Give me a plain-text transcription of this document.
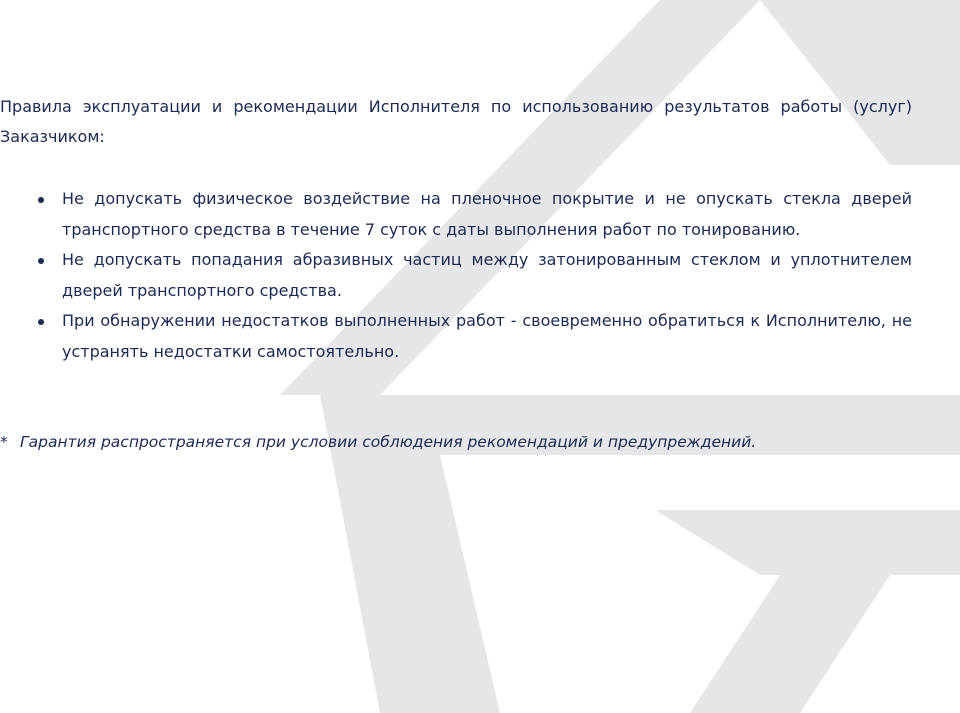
Правила эксплуатации и рекомендации Исполнителя по использованию результатов работы (услуг) Заказчиком:

Не допускать физическое воздействие на пленочное покрытие и не опускать стекла дверей транспортного средства в течение 7 суток с даты выполнения работ по тонированию.
Не допускать попадания абразивных частиц между затонированным стеклом и уплотнителем дверей транспортного средства.
При обнаружении недостатков выполненных работ - своевременно обратиться к Исполнителю, не устранять недостатки самостоятельно.

* Гарантия распространяется при условии соблюдения рекомендаций и предупреждений.
